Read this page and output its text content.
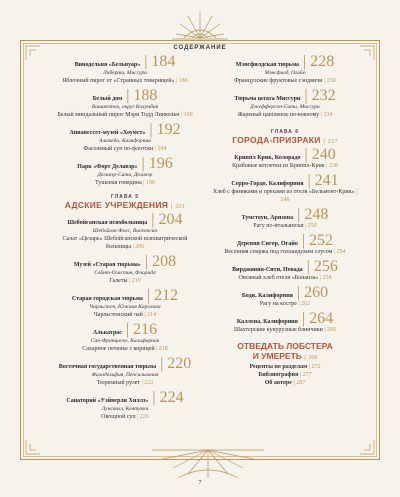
СОДЕРЖАНИЕ
Винодельня «Бельвуар» | 184
Либерти, Миссури
Яблочный пирог от «Странных товарищей» | 186
Белый дом | 188
Вашингтон, округ Колумбия
Белый миндальный пирог Мэри Тодд Линкольн | 190
Аннапессет-музей «Хоумст» | 192
Аламеда, Калифорния
Фасолевый суп по-флотски | 194
Парк «Форт Делавэр» | 196
Делавэр-Сити, Делавэр
Тушеная говядина | 198
ГЛАВА 5
АДСКИЕ УЧРЕЖДЕНИЯ | 201
Шебойганская психбольница | 204
Шебойган Фолс, Висконсин
Салат «Цезарь» Шебойганской психиатрической больницы | 206
Музей «Старая тюрьма» | 208
Сейнт-Огастин, Флорида
Галеты | 210
Старая городская тюрьма | 212
Чарльстон, Южная Каролина
Чарльстонский чай | 214
Алькатрас | 216
Сан-Франциско, Калифорния
Сахарное печенье с корицей | 218
Восточная государственная тюрьма | 220
Филадельфия, Пенсильвания
Тюремный рулет | 222
Санаторий «Уэйверли Хиллз» | 224
Луисвилл, Кентукки
Овощной суп | 226
Мэнсфилдская тюрьма | 228
Мэнсфилд, Огайо
Французские фруктовые сэндвичи | 230
Тюрьма штата Миссури | 232
Джефферсон-Сити, Миссури
Жареный цыпленок по-южному | 234
ГЛАВА 6
ГОРОДА-ПРИЗРАКИ | 237
Криппл Крик, Колорадо | 240
Крабовые котлетки из Криппл-Крик | 238
Серро-Гордо, Калифорния | 241
Хлеб с финиками и орехами из отеля «Бельмонт-Крик» | 246
Тумстоун, Аризона | 248
Рагу по-итальянски | 250
Деревня Сигор, Огайо | 252
Весенняя спаржа под голландским соусом | 254
Вирджиния-Сити, Невада | 256
Овсяный хлеб отеля «Бонанза» | 258
Боди, Калифорния | 260
Рагу на костре | 262
Каллена, Калифорния | 264
Шахтерские кукурузные блинчики | 266
ОТВЕДАТЬ ЛОБСТЕРА
И УМЕРЕТЬ | 269
Рецепты по разделам | 272
Библиография | 277
Об авторе | 287
7
